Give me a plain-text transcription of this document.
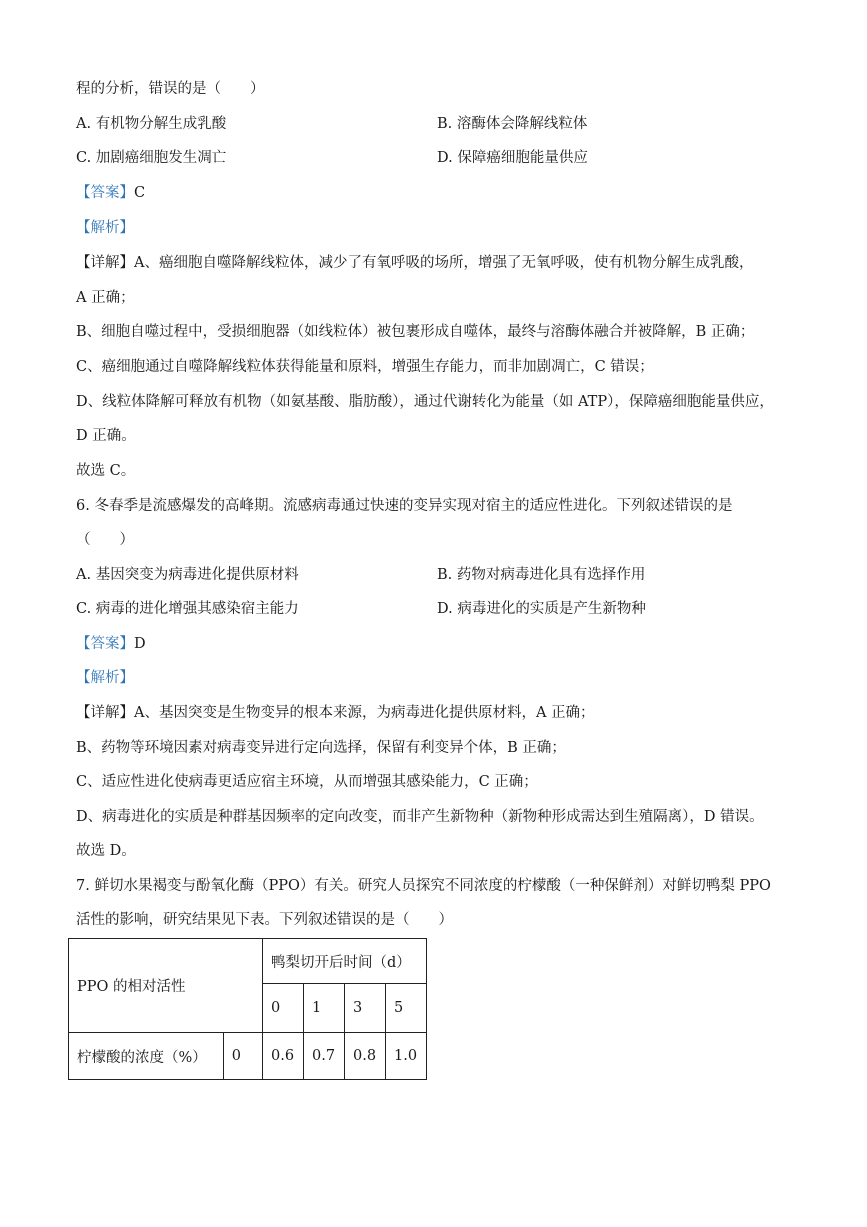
程的分析，错误的是（　　）
A. 有机物分解生成乳酸	B. 溶酶体会降解线粒体
C. 加剧癌细胞发生凋亡	D. 保障癌细胞能量供应
【答案】C
【解析】
【详解】A、癌细胞自噬降解线粒体，减少了有氧呼吸的场所，增强了无氧呼吸，使有机物分解生成乳酸，
A 正确；
B、细胞自噬过程中，受损细胞器（如线粒体）被包裹形成自噬体，最终与溶酶体融合并被降解，B 正确；
C、癌细胞通过自噬降解线粒体获得能量和原料，增强生存能力，而非加剧凋亡，C 错误；
D、线粒体降解可释放有机物（如氨基酸、脂肪酸），通过代谢转化为能量（如 ATP），保障癌细胞能量供应，
D 正确。
故选 C。
6. 冬春季是流感爆发的高峰期。流感病毒通过快速的变异实现对宿主的适应性进化。下列叙述错误的是
（　　）
A. 基因突变为病毒进化提供原材料	B. 药物对病毒进化具有选择作用
C. 病毒的进化增强其感染宿主能力	D. 病毒进化的实质是产生新物种
【答案】D
【解析】
【详解】A、基因突变是生物变异的根本来源，为病毒进化提供原材料，A 正确；
B、药物等环境因素对病毒变异进行定向选择，保留有利变异个体，B 正确；
C、适应性进化使病毒更适应宿主环境，从而增强其感染能力，C 正确；
D、病毒进化的实质是种群基因频率的定向改变，而非产生新物种（新物种形成需达到生殖隔离），D 错误。
故选 D。
7. 鲜切水果褐变与酚氧化酶（PPO）有关。研究人员探究不同浓度的柠檬酸（一种保鲜剂）对鲜切鸭梨 PPO
活性的影响，研究结果见下表。下列叙述错误的是（　　）
PPO 的相对活性		鸭梨切开后时间（d）			
		0	1	3	5
柠檬酸的浓度（%）	0	0.6	0.7	0.8	1.0
